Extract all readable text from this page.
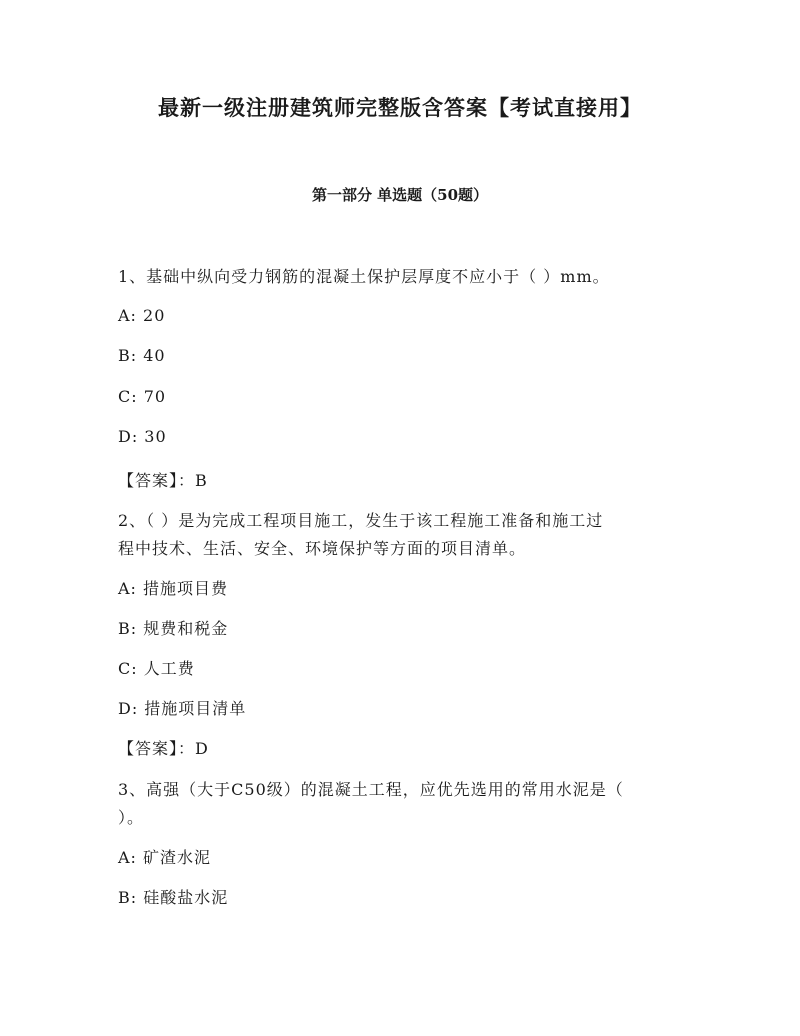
最新一级注册建筑师完整版含答案【考试直接用】
第一部分 单选题（50题）
1、基础中纵向受力钢筋的混凝土保护层厚度不应小于（ ）mm。
A: 20
B: 40
C: 70
D: 30
【答案】：B
2、（ ）是为完成工程项目施工，发生于该工程施工准备和施工过
程中技术、生活、安全、环境保护等方面的项目清单。
A: 措施项目费
B: 规费和税金
C: 人工费
D: 措施项目清单
【答案】：D
3、高强（大于C50级）的混凝土工程，应优先选用的常用水泥是（
）。
A: 矿渣水泥
B: 硅酸盐水泥
